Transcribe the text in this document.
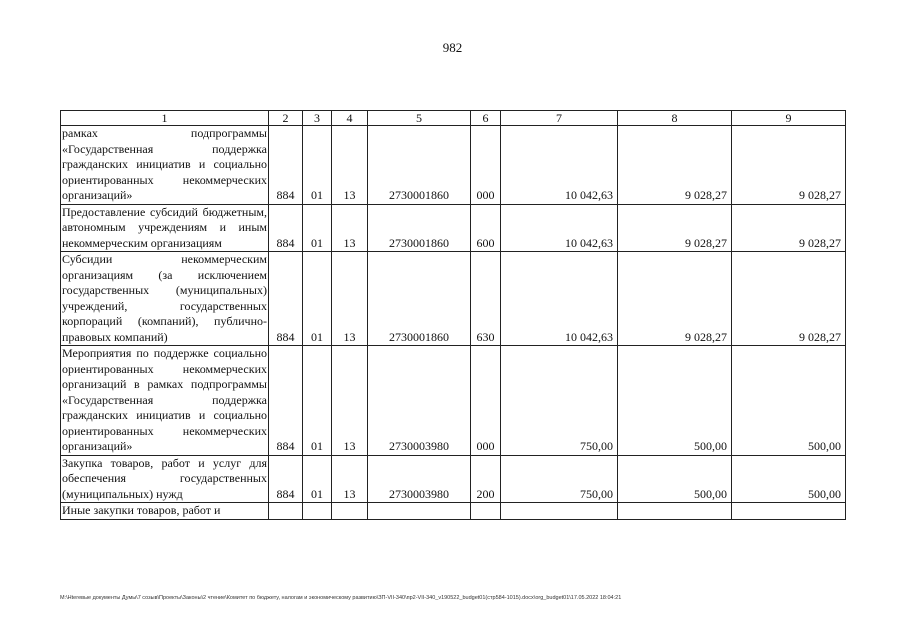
982
1	2	3	4	5	6	7	8	9
рамках подпрограммы «Государственная поддержка гражданских инициатив и социально ориентированных некоммерческих организаций»	884	01	13	2730001860	000	10 042,63	9 028,27	9 028,27
Предоставление субсидий бюджетным, автономным учреждениям и иным некоммерческим организациям	884	01	13	2730001860	600	10 042,63	9 028,27	9 028,27
Субсидии некоммерческим организациям (за исключением государственных (муниципальных) учреждений, государственных корпораций (компаний), публично-правовых компаний)	884	01	13	2730001860	630	10 042,63	9 028,27	9 028,27
Мероприятия по поддержке социально ориентированных некоммерческих организаций в рамках подпрограммы «Государственная поддержка гражданских инициатив и социально ориентированных некоммерческих организаций»	884	01	13	2730003980	000	750,00	500,00	500,00
Закупка товаров, работ и услуг для обеспечения государственных (муниципальных) нужд	884	01	13	2730003980	200	750,00	500,00	500,00
Иные закупки товаров, работ и								
M:\Нtегевые документы Думы\7 созыв\Проекты\Законы\2 чтение\Комитет по бюджету, налогам и экономическому развитию\ЗП-VII-340\пр2-VII-340_v190522_budget01(стр584-1015).docx\org_budget01\17.05.2022 18:04:21
